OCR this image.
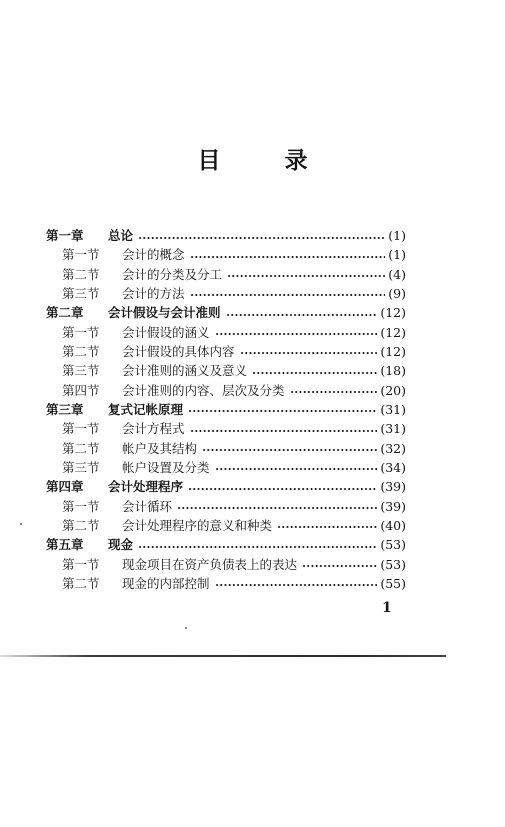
目 录
第一章	总论	(1)
第一节	会计的概念	(1)
第二节	会计的分类及分工	(4)
第三节	会计的方法	(9)
第二章	会计假设与会计准则	(12)
第一节	会计假设的涵义	(12)
第二节	会计假设的具体内容	(12)
第三节	会计准则的涵义及意义	(18)
第四节	会计准则的内容、层次及分类	(20)
第三章	复式记帐原理	(31)
第一节	会计方程式	(31)
第二节	帐户及其结构	(32)
第三节	帐户设置及分类	(34)
第四章	会计处理程序	(39)
第一节	会计循环	(39)
第二节	会计处理程序的意义和种类	(40)
第五章	现金	(53)
第一节	现金项目在资产负债表上的表达	(53)
第二节	现金的内部控制	(55)
1
